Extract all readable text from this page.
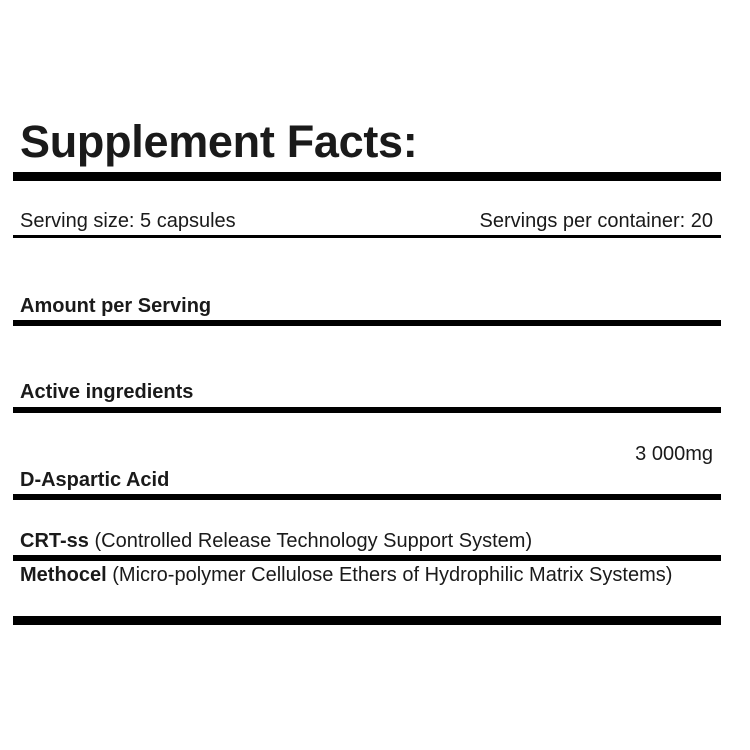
Supplement Facts:
Serving size: 5 capsules	Servings per container: 20
Amount per Serving
Active ingredients
3 000mg
D-Aspartic Acid
CRT-ss (Controlled Release Technology Support System)
Methocel (Micro-polymer Cellulose Ethers of Hydrophilic Matrix Systems)
